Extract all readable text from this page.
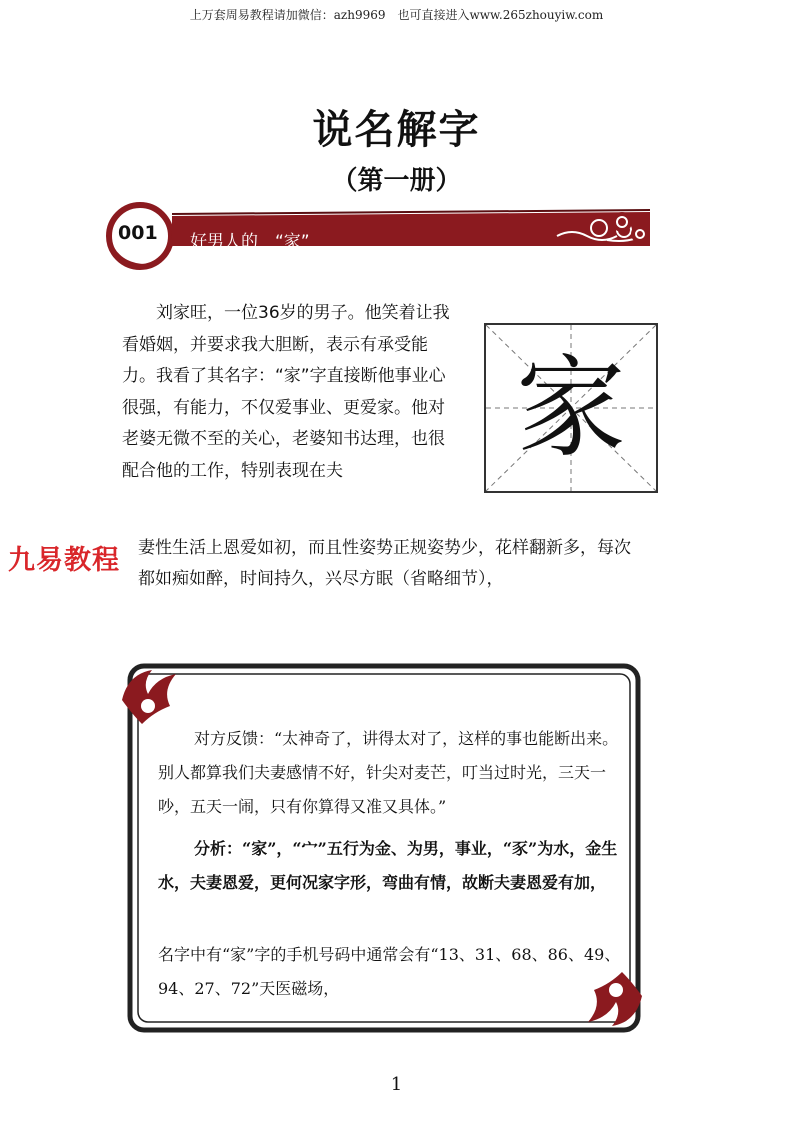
上万套周易教程请加微信：azh9969　也可直接进入www.265zhouyiw.com
说名解字
（第一册）
001 好男人的　“家”
刘家旺，一位36岁的男子。他笑着让我看婚姻，并要求我大胆断，表示有承受能力。我看了其名字：“家”字直接断他事业心很强，有能力，不仅爱事业、更爱家。他对老婆无微不至的关心，老婆知书达理，也很配合他的工作，特别表现在夫	家
妻性生活上恩爱如初，而且性姿势正规姿势少，花样翻新多，每次
都如痴如醉，时间持久，兴尽方眠（省略细节），
九易教程
对方反馈：“太神奇了，讲得太对了，这样的事也能断出来。别人都算我们夫妻感情不好，针尖对麦芒，叮当过时光，三天一吵，五天一闹，只有你算得又准又具体。”
分析：“家”，“宀”五行为金、为男，事业，“豕”为水，金生水，夫妻恩爱，更何况家字形，弯曲有情，故断夫妻恩爱有加，
名字中有“家”字的手机号码中通常会有“13、31、68、86、49、94、27、72”天医磁场，
1
